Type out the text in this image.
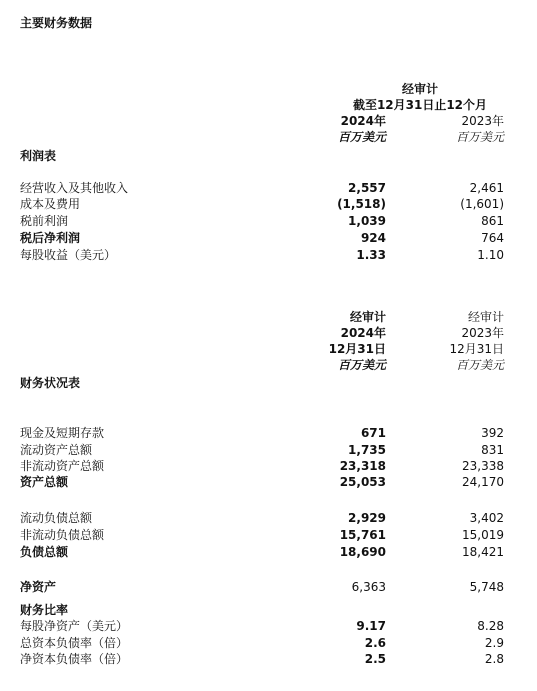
主要财务数据
经审计
截至12月31日止12个月
2024年	2023年
百万美元	百万美元
利润表
经营收入及其他收入	2,557	2,461
成本及费用	(1,518)	(1,601)
税前利润	1,039	861
税后净利润	924	764
每股收益（美元）	1.33	1.10
经审计	经审计
2024年	2023年
12月31日	12月31日
百万美元	百万美元
财务状况表
现金及短期存款	671	392
流动资产总额	1,735	831
非流动资产总额	23,318	23,338
资产总额	25,053	24,170
流动负债总额	2,929	3,402
非流动负债总额	15,761	15,019
负债总额	18,690	18,421
净资产	6,363	5,748
财务比率
每股净资产（美元）	9.17	8.28
总资本负债率（倍）	2.6	2.9
净资本负债率（倍）	2.5	2.8
